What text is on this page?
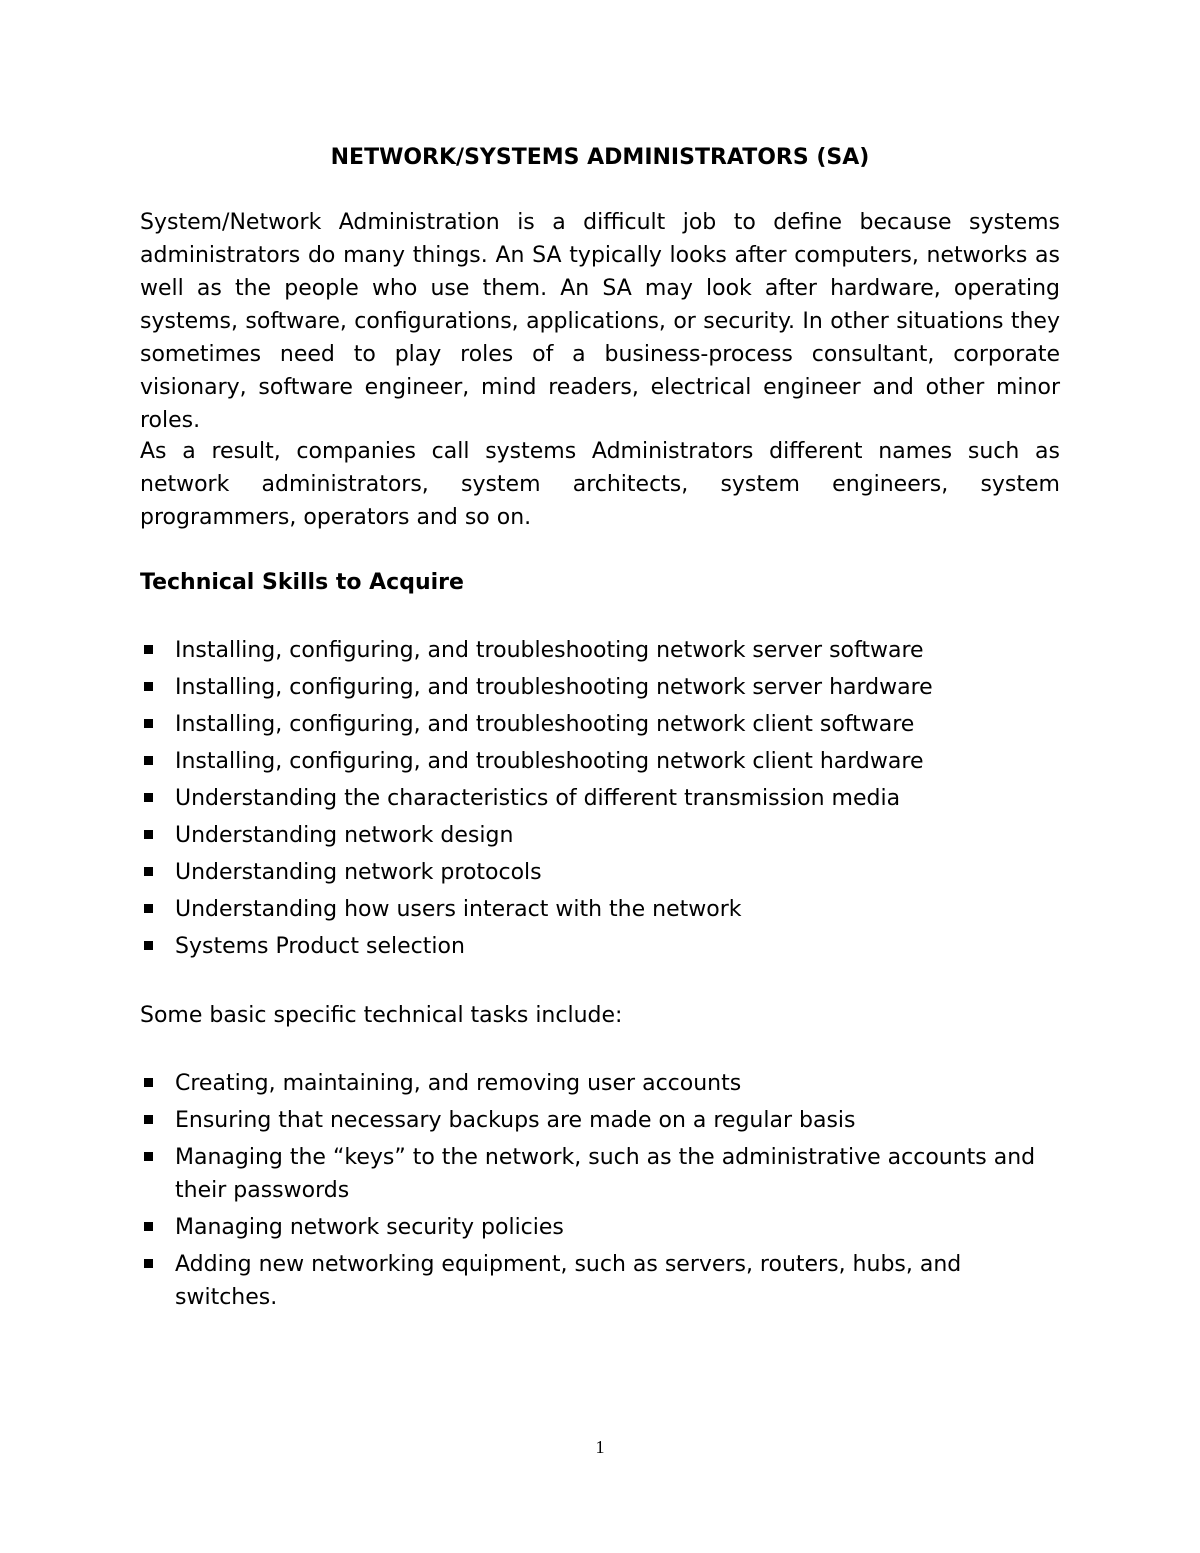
NETWORK/SYSTEMS ADMINISTRATORS (SA)

System/Network Administration is a difficult job to define because systems administrators do many things. An SA typically looks after computers, networks as well as the people who use them. An SA may look after hardware, operating systems, software, configurations, applications, or security. In other situations they sometimes need to play roles of a business-process consultant, corporate visionary, software engineer, mind readers, electrical engineer and other minor roles.

As a result, companies call systems Administrators different names such as network administrators, system architects, system engineers, system programmers, operators and so on.

Technical Skills to Acquire
Installing, configuring, and troubleshooting network server software
Installing, configuring, and troubleshooting network server hardware
Installing, configuring, and troubleshooting network client software
Installing, configuring, and troubleshooting network client hardware
Understanding the characteristics of different transmission media
Understanding network design
Understanding network protocols
Understanding how users interact with the network
Systems Product selection

Some basic specific technical tasks include:

Creating, maintaining, and removing user accounts
Ensuring that necessary backups are made on a regular basis
Managing the “keys” to the network, such as the administrative accounts and their passwords
Managing network security policies
Adding new networking equipment, such as servers, routers, hubs, and switches.
1
